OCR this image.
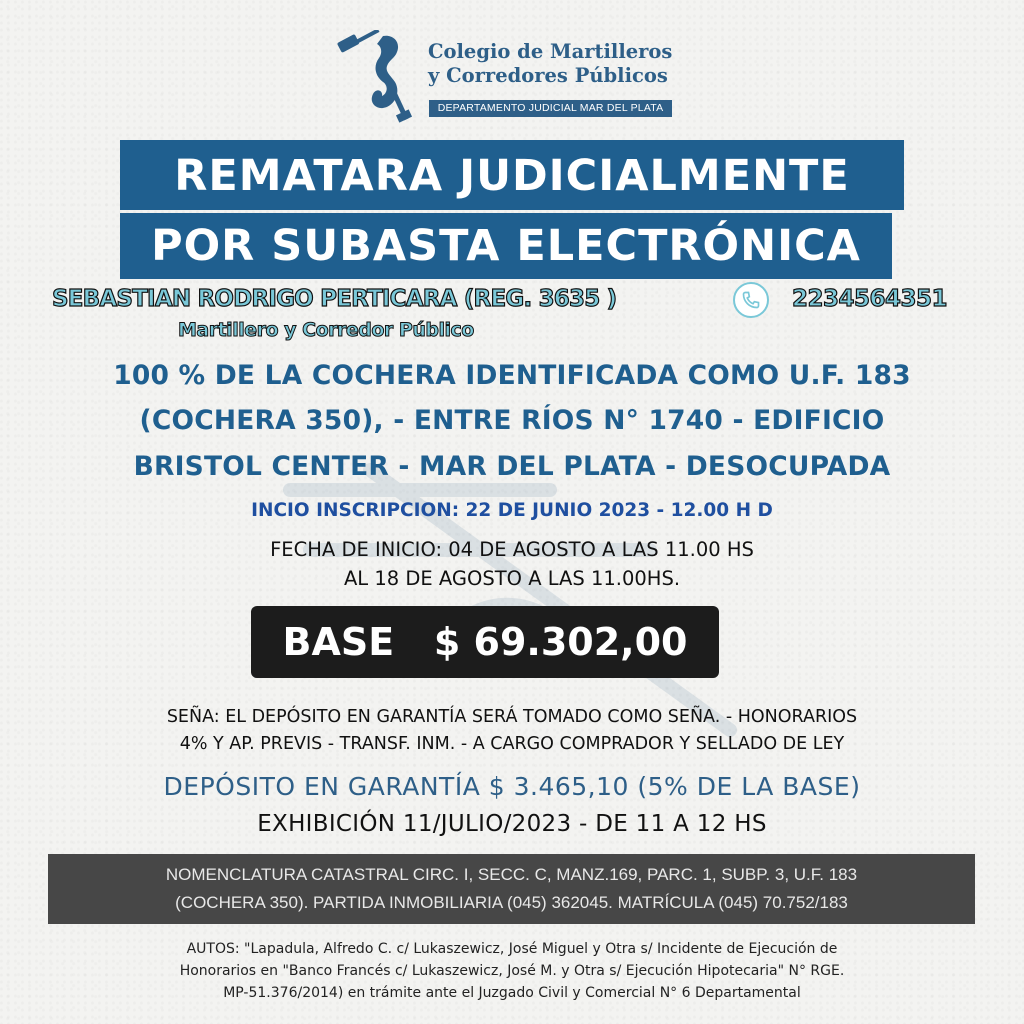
Colegio de Martilleros
y Corredores Públicos
DEPARTAMENTO JUDICIAL MAR DEL PLATA
REMATARA JUDICIALMENTE
POR SUBASTA ELECTRÓNICA
SEBASTIAN RODRIGO PERTICARA (REG. 3635 )	2234564351
Martillero y Corredor Público
100 % DE LA COCHERA IDENTIFICADA COMO U.F. 183
(COCHERA 350), - ENTRE RÍOS N° 1740 - EDIFICIO
BRISTOL CENTER - MAR DEL PLATA - DESOCUPADA
INCIO INSCRIPCION: 22 DE JUNIO 2023 - 12.00 H D
FECHA DE INICIO: 04 DE AGOSTO A LAS 11.00 HS
AL 18 DE AGOSTO A LAS 11.00HS.
BASE   $ 69.302,00
SEÑA: EL DEPÓSITO EN GARANTÍA SERÁ TOMADO COMO SEÑA. - HONORARIOS
4% Y AP. PREVIS - TRANSF. INM. - A CARGO COMPRADOR Y SELLADO DE LEY
DEPÓSITO EN GARANTÍA $ 3.465,10 (5% DE LA BASE)
EXHIBICIÓN 11/JULIO/2023 - DE 11 A 12 HS
NOMENCLATURA CATASTRAL CIRC. I, SECC. C, MANZ.169, PARC. 1, SUBP. 3, U.F. 183
(COCHERA 350). PARTIDA INMOBILIARIA (045) 362045. MATRÍCULA (045) 70.752/183
AUTOS: "Lapadula, Alfredo C. c/ Lukaszewicz, José Miguel y Otra s/ Incidente de Ejecución de
Honorarios en "Banco Francés c/ Lukaszewicz, José M. y Otra s/ Ejecución Hipotecaria" N° RGE.
MP-51.376/2014) en trámite ante el Juzgado Civil y Comercial N° 6 Departamental
